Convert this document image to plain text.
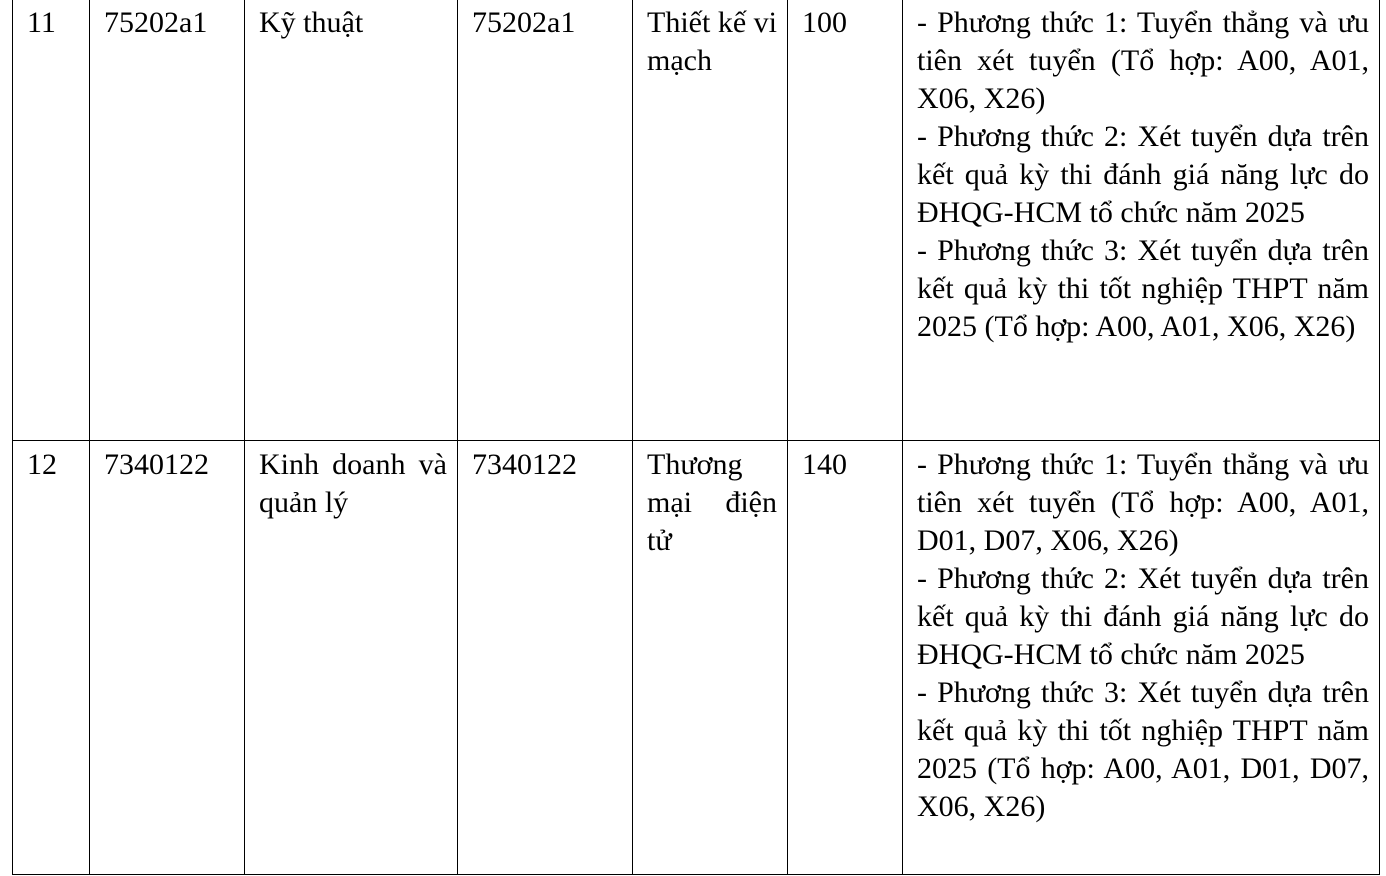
11	75202a1	Kỹ thuật	75202a1	Thiết kế vi mạch	100	- Phương thức 1: Tuyển thẳng và ưu tiên xét tuyển (Tổ hợp: A00, A01, X06, X26)
- Phương thức 2: Xét tuyển dựa trên kết quả kỳ thi đánh giá năng lực do ĐHQG-HCM tổ chức năm 2025
- Phương thức 3: Xét tuyển dựa trên kết quả kỳ thi tốt nghiệp THPT năm 2025 (Tổ hợp: A00, A01, X06, X26)

12	7340122	Kinh doanh và quản lý	7340122	Thương mại điện tử	140	- Phương thức 1: Tuyển thẳng và ưu tiên xét tuyển (Tổ hợp: A00, A01, D01, D07, X06, X26)
- Phương thức 2: Xét tuyển dựa trên kết quả kỳ thi đánh giá năng lực do ĐHQG-HCM tổ chức năm 2025
- Phương thức 3: Xét tuyển dựa trên kết quả kỳ thi tốt nghiệp THPT năm 2025 (Tổ hợp: A00, A01, D01, D07, X06, X26)
